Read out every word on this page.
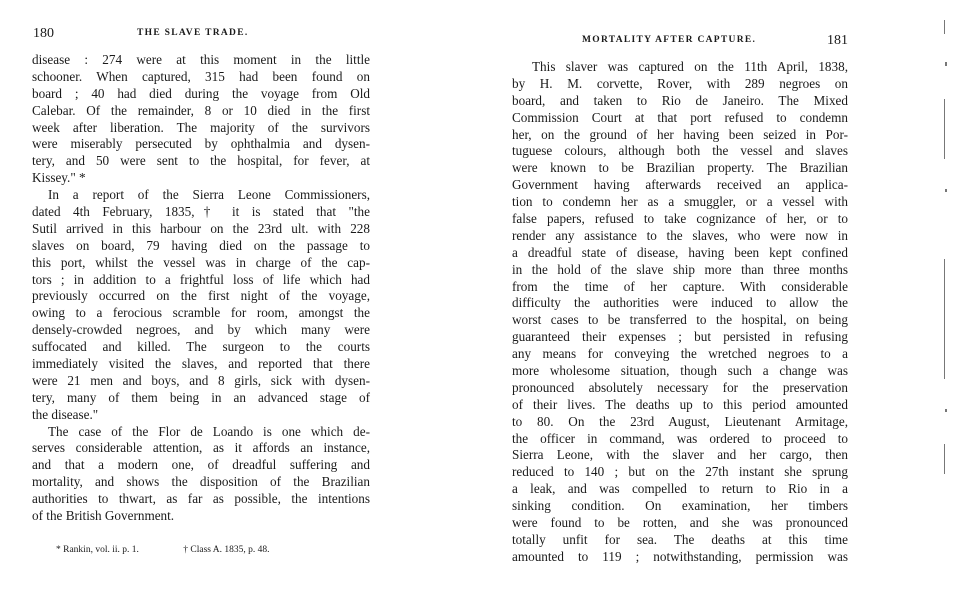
180	THE SLAVE TRADE.
disease : 274 were at this moment in the little
schooner. When captured, 315 had been found on
board ; 40 had died during the voyage from Old
Calebar. Of the remainder, 8 or 10 died in the first
week after liberation. The majority of the survivors
were miserably persecuted by ophthalmia and dysen-
tery, and 50 were sent to the hospital, for fever, at
Kissey." *
In a report of the Sierra Leone Commissioners,
dated 4th February, 1835,† it is stated that "the
Sutil arrived in this harbour on the 23rd ult. with 228
slaves on board, 79 having died on the passage to
this port, whilst the vessel was in charge of the cap-
tors ; in addition to a frightful loss of life which had
previously occurred on the first night of the voyage,
owing to a ferocious scramble for room, amongst the
densely-crowded negroes, and by which many were
suffocated and killed. The surgeon to the courts
immediately visited the slaves, and reported that there
were 21 men and boys, and 8 girls, sick with dysen-
tery, many of them being in an advanced stage of
the disease."
The case of the Flor de Loando is one which de-
serves considerable attention, as it affords an instance,
and that a modern one, of dreadful suffering and
mortality, and shows the disposition of the Brazilian
authorities to thwart, as far as possible, the intentions
of the British Government.
* Rankin, vol. ii. p. 1.	† Class A. 1835, p. 48.
MORTALITY AFTER CAPTURE.	181
This slaver was captured on the 11th April, 1838,
by H. M. corvette, Rover, with 289 negroes on
board, and taken to Rio de Janeiro. The Mixed
Commission Court at that port refused to condemn
her, on the ground of her having been seized in Por-
tuguese colours, although both the vessel and slaves
were known to be Brazilian property. The Brazilian
Government having afterwards received an applica-
tion to condemn her as a smuggler, or a vessel with
false papers, refused to take cognizance of her, or to
render any assistance to the slaves, who were now in
a dreadful state of disease, having been kept confined
in the hold of the slave ship more than three months
from the time of her capture. With considerable
difficulty the authorities were induced to allow the
worst cases to be transferred to the hospital, on being
guaranteed their expenses ; but persisted in refusing
any means for conveying the wretched negroes to a
more wholesome situation, though such a change was
pronounced absolutely necessary for the preservation
of their lives. The deaths up to this period amounted
to 80. On the 23rd August, Lieutenant Armitage,
the officer in command, was ordered to proceed to
Sierra Leone, with the slaver and her cargo, then
reduced to 140 ; but on the 27th instant she sprung
a leak, and was compelled to return to Rio in a
sinking condition. On examination, her timbers
were found to be rotten, and she was pronounced
totally unfit for sea. The deaths at this time
amounted to 119 ; notwithstanding, permission was
